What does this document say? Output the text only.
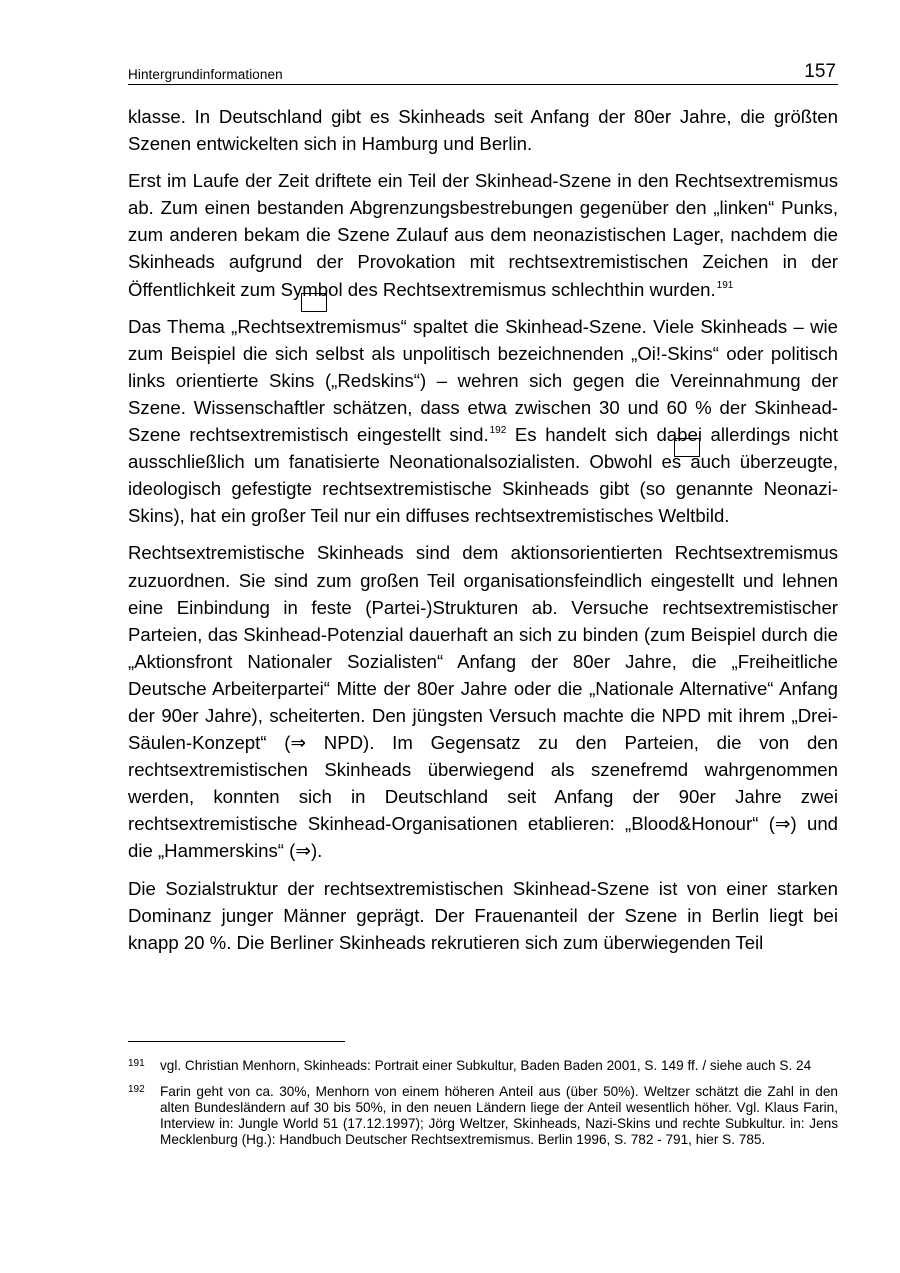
Hintergrundinformationen	157

klasse. In Deutschland gibt es Skinheads seit Anfang der 80er Jahre, die größten Szenen entwickelten sich in Hamburg und Berlin.

Erst im Laufe der Zeit driftete ein Teil der Skinhead-Szene in den Rechtsextremismus ab. Zum einen bestanden Abgrenzungsbestrebungen gegenüber den „linken“ Punks, zum anderen bekam die Szene Zulauf aus dem neonazistischen Lager, nachdem die Skinheads aufgrund der Provokation mit rechtsextremistischen Zeichen in der Öffentlichkeit zum Symbol des Rechtsextremismus schlechthin wurden.$^{191}$

Das Thema „Rechtsextremismus“ spaltet die Skinhead-Szene. Viele Skinheads – wie zum Beispiel die sich selbst als unpolitisch bezeichnenden „Oi!-Skins“ oder politisch links orientierte Skins („Redskins“) – wehren sich gegen die Vereinnahmung der Szene. Wissenschaftler schätzen, dass etwa zwischen 30 und 60 % der Skinhead-Szene rechtsextremistisch eingestellt sind.$^{192}$ Es handelt sich dabei allerdings nicht ausschließlich um fanatisierte Neonationalsozialisten. Obwohl es auch überzeugte, ideologisch gefestigte rechtsextremistische Skinheads gibt (so genannte Neonazi-Skins), hat ein großer Teil nur ein diffuses rechtsextremistisches Weltbild.

Rechtsextremistische Skinheads sind dem aktionsorientierten Rechtsextremismus zuzuordnen. Sie sind zum großen Teil organisationsfeindlich eingestellt und lehnen eine Einbindung in feste (Partei-)Strukturen ab. Versuche rechtsextremistischer Parteien, das Skinhead-Potenzial dauerhaft an sich zu binden (zum Beispiel durch die „Aktionsfront Nationaler Sozialisten“ Anfang der 80er Jahre, die „Freiheitliche Deutsche Arbeiterpartei“ Mitte der 80er Jahre oder die „Nationale Alternative“ Anfang der 90er Jahre), scheiterten. Den jüngsten Versuch machte die NPD mit ihrem „Drei-Säulen-Konzept“ (⇒ NPD). Im Gegensatz zu den Parteien, die von den rechtsextremistischen Skinheads überwiegend als szenefremd wahrgenommen werden, konnten sich in Deutschland seit Anfang der 90er Jahre zwei rechtsextremistische Skinhead-Organisationen etablieren: „Blood&Honour“ (⇒) und die „Hammerskins“ (⇒).

Die Sozialstruktur der rechtsextremistischen Skinhead-Szene ist von einer starken Dominanz junger Männer geprägt. Der Frauenanteil der Szene in Berlin liegt bei knapp 20 %. Die Berliner Skinheads rekrutieren sich zum überwiegenden Teil

191	vgl. Christian Menhorn, Skinheads: Portrait einer Subkultur, Baden Baden 2001, S. 149 ff. / siehe auch S. 24
192	Farin geht von ca. 30%, Menhorn von einem höheren Anteil aus (über 50%). Weltzer schätzt die Zahl in den alten Bundesländern auf 30 bis 50%, in den neuen Ländern liege der Anteil wesentlich höher. Vgl. Klaus Farin, Interview in: Jungle World 51 (17.12.1997); Jörg Weltzer, Skinheads, Nazi-Skins und rechte Subkultur. in: Jens Mecklenburg (Hg.): Handbuch Deutscher Rechtsextremismus. Berlin 1996, S. 782 - 791, hier S. 785.
